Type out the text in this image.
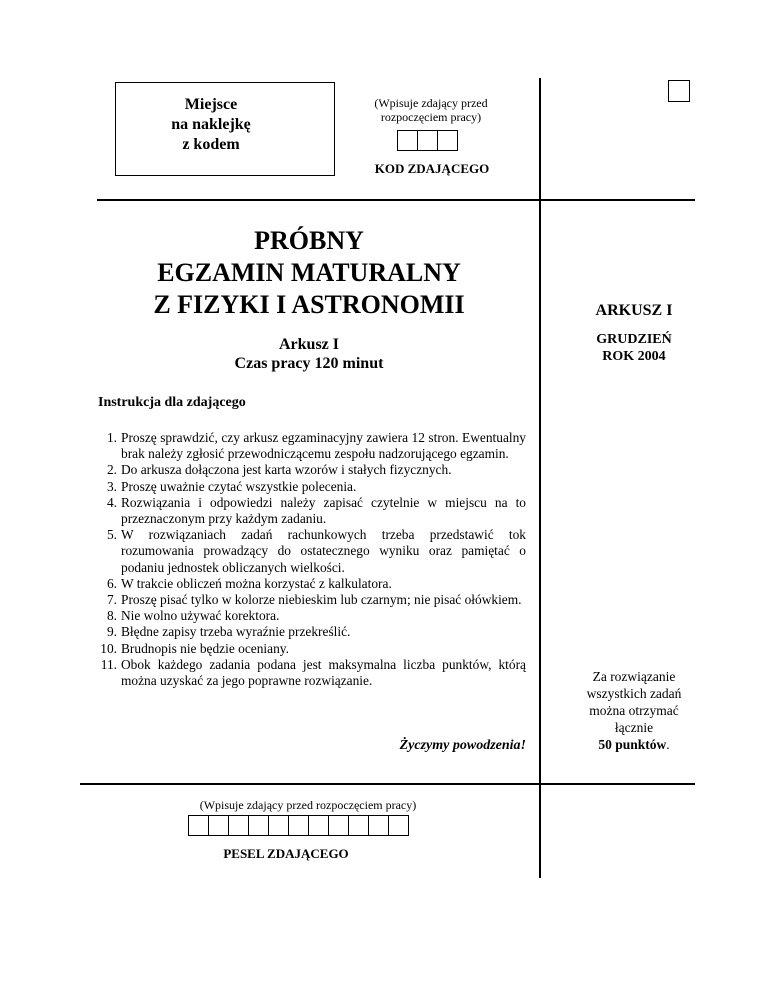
Miejsce
na naklejkę
z kodem
(Wpisuje zdający przed
rozpoczęciem pracy)
KOD ZDAJĄCEGO
PRÓBNY
EGZAMIN MATURALNY
Z FIZYKI I ASTRONOMII
Arkusz I
Czas pracy 120 minut
ARKUSZ I
GRUDZIEŃ
ROK 2004
Instrukcja dla zdającego
1. Proszę sprawdzić, czy arkusz egzaminacyjny zawiera 12 stron. Ewentualny brak należy zgłosić przewodniczącemu zespołu nadzorującego egzamin.
2. Do arkusza dołączona jest karta wzorów i stałych fizycznych.
3. Proszę uważnie czytać wszystkie polecenia.
4. Rozwiązania i odpowiedzi należy zapisać czytelnie w miejscu na to przeznaczonym przy każdym zadaniu.
5. W rozwiązaniach zadań rachunkowych trzeba przedstawić tok rozumowania prowadzący do ostatecznego wyniku oraz pamiętać o podaniu jednostek obliczanych wielkości.
6. W trakcie obliczeń można korzystać z kalkulatora.
7. Proszę pisać tylko w kolorze niebieskim lub czarnym; nie pisać ołówkiem.
8. Nie wolno używać korektora.
9. Błędne zapisy trzeba wyraźnie przekreślić.
10. Brudnopis nie będzie oceniany.
11. Obok każdego zadania podana jest maksymalna liczba punktów, którą można uzyskać za jego poprawne rozwiązanie.
Życzymy powodzenia!
Za rozwiązanie
wszystkich zadań
można otrzymać
łącznie
50 punktów.
(Wpisuje zdający przed rozpoczęciem pracy)
PESEL ZDAJĄCEGO
